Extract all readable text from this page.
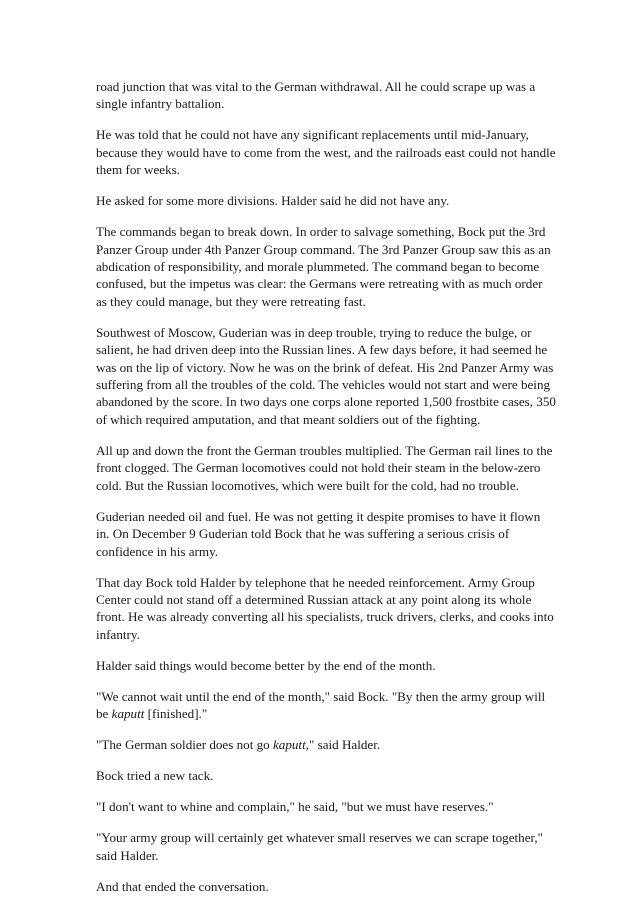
road junction that was vital to the German withdrawal. All he could scrape up was a single infantry battalion.

He was told that he could not have any significant replacements until mid-January, because they would have to come from the west, and the railroads east could not handle them for weeks.

He asked for some more divisions. Halder said he did not have any.

The commands began to break down. In order to salvage something, Bock put the 3rd Panzer Group under 4th Panzer Group command. The 3rd Panzer Group saw this as an abdication of responsibility, and morale plummeted. The command began to become confused, but the impetus was clear: the Germans were retreating with as much order as they could manage, but they were retreating fast.

Southwest of Moscow, Guderian was in deep trouble, trying to reduce the bulge, or salient, he had driven deep into the Russian lines. A few days before, it had seemed he was on the lip of victory. Now he was on the brink of defeat. His 2nd Panzer Army was suffering from all the troubles of the cold. The vehicles would not start and were being abandoned by the score. In two days one corps alone reported 1,500 frostbite cases, 350 of which required amputation, and that meant soldiers out of the fighting.

All up and down the front the German troubles multiplied. The German rail lines to the front clogged. The German locomotives could not hold their steam in the below-zero cold. But the Russian locomotives, which were built for the cold, had no trouble.

Guderian needed oil and fuel. He was not getting it despite promises to have it flown in. On December 9 Guderian told Bock that he was suffering a serious crisis of confidence in his army.

That day Bock told Halder by telephone that he needed reinforcement. Army Group Center could not stand off a determined Russian attack at any point along its whole front. He was already converting all his specialists, truck drivers, clerks, and cooks into infantry.

Halder said things would become better by the end of the month.

"We cannot wait until the end of the month," said Bock. "By then the army group will be kaputt [finished]."

"The German soldier does not go kaputt," said Halder.

Bock tried a new tack.

"I don't want to whine and complain," he said, "but we must have reserves."

"Your army group will certainly get whatever small reserves we can scrape together," said Halder.

And that ended the conversation.
